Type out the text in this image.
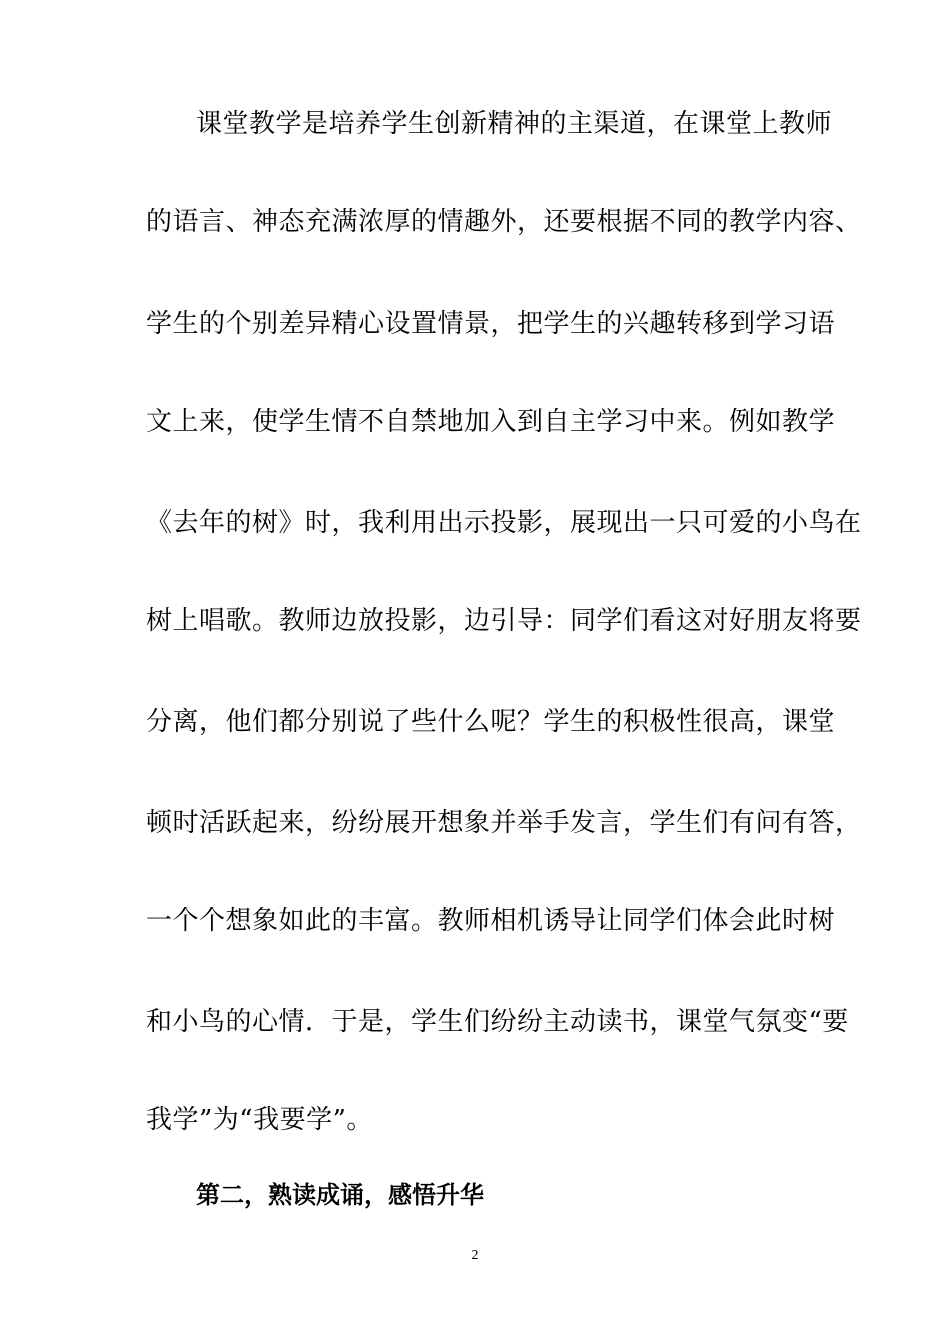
课堂教学是培养学生创新精神的主渠道，在课堂上教师
的语言、神态充满浓厚的情趣外，还要根据不同的教学内容、
学生的个别差异精心设置情景，把学生的兴趣转移到学习语
文上来，使学生情不自禁地加入到自主学习中来。例如教学
《去年的树》时，我利用出示投影，展现出一只可爱的小鸟在
树上唱歌。教师边放投影，边引导：同学们看这对好朋友将要
分离，他们都分别说了些什么呢？学生的积极性很高，课堂
顿时活跃起来，纷纷展开想象并举手发言，学生们有问有答，
一个个想象如此的丰富。教师相机诱导让同学们体会此时树
和小鸟的心情．于是，学生们纷纷主动读书，课堂气氛变“要
我学”为“我要学”。
第二，熟读成诵，感悟升华
2
